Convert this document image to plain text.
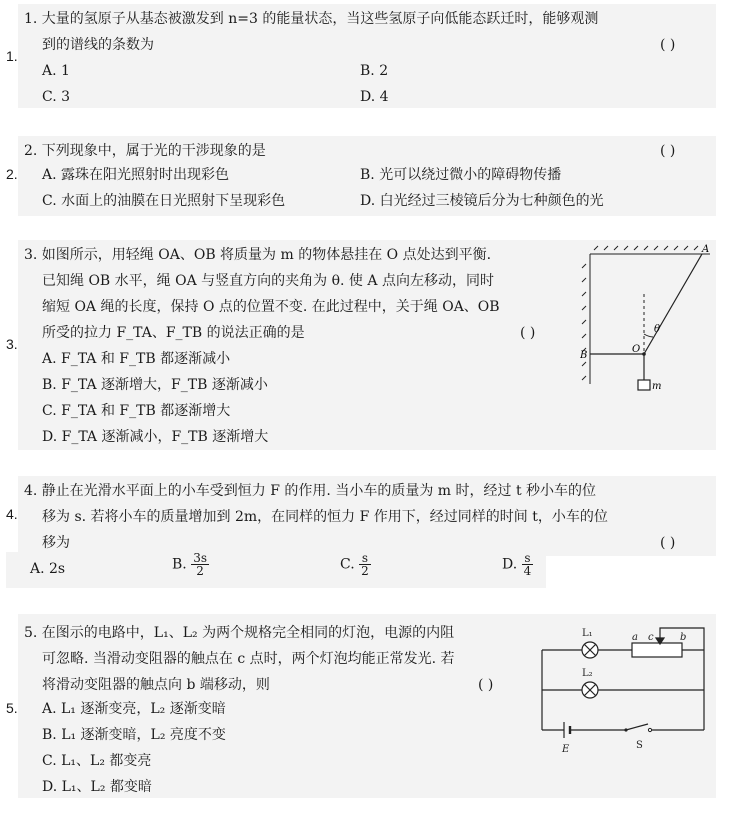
1.
1. 大量的氢原子从基态被激发到 n=3 的能量状态，当这些氢原子向低能态跃迁时，能够观测
到的谱线的条数为	( )
A. 1	B. 2
C. 3	D. 4
2.
2. 下列现象中，属于光的干涉现象的是	( )
A. 露珠在阳光照射时出现彩色	B. 光可以绕过微小的障碍物传播
C. 水面上的油膜在日光照射下呈现彩色	D. 白光经过三棱镜后分为七种颜色的光
3.
3. 如图所示，用轻绳 OA、OB 将质量为 m 的物体悬挂在 O 点处达到平衡.
已知绳 OB 水平，绳 OA 与竖直方向的夹角为 θ. 使 A 点向左移动，同时
缩短 OA 绳的长度，保持 O 点的位置不变. 在此过程中，关于绳 OA、OB
所受的拉力 F_TA、F_TB 的说法正确的是	( )
A. F_TA 和 F_TB 都逐渐减小
B. F_TA 逐渐增大，F_TB 逐渐减小
C. F_TA 和 F_TB 都逐渐增大
D. F_TA 逐渐减小，F_TB 逐渐增大
A
B
O
θ
m
4.
4. 静止在光滑水平面上的小车受到恒力 F 的作用. 当小车的质量为 m 时，经过 t 秒小车的位
移为 s. 若将小车的质量增加到 2m，在同样的恒力 F 作用下，经过同样的时间 t，小车的位
移为	( )
A. 2s	B. $\frac{3s}{2}$	C. $\frac{s}{2}$	D. $\frac{s}{4}$
5.
5. 在图示的电路中，L₁、L₂ 为两个规格完全相同的灯泡，电源的内阻
可忽略. 当滑动变阻器的触点在 c 点时，两个灯泡均能正常发光. 若
将滑动变阻器的触点向 b 端移动，则	( )
A. L₁ 逐渐变亮，L₂ 逐渐变暗
B. L₁ 逐渐变暗，L₂ 亮度不变
C. L₁、L₂ 都变亮
D. L₁、L₂ 都变暗
L₁
L₂
a c	b
E	S
